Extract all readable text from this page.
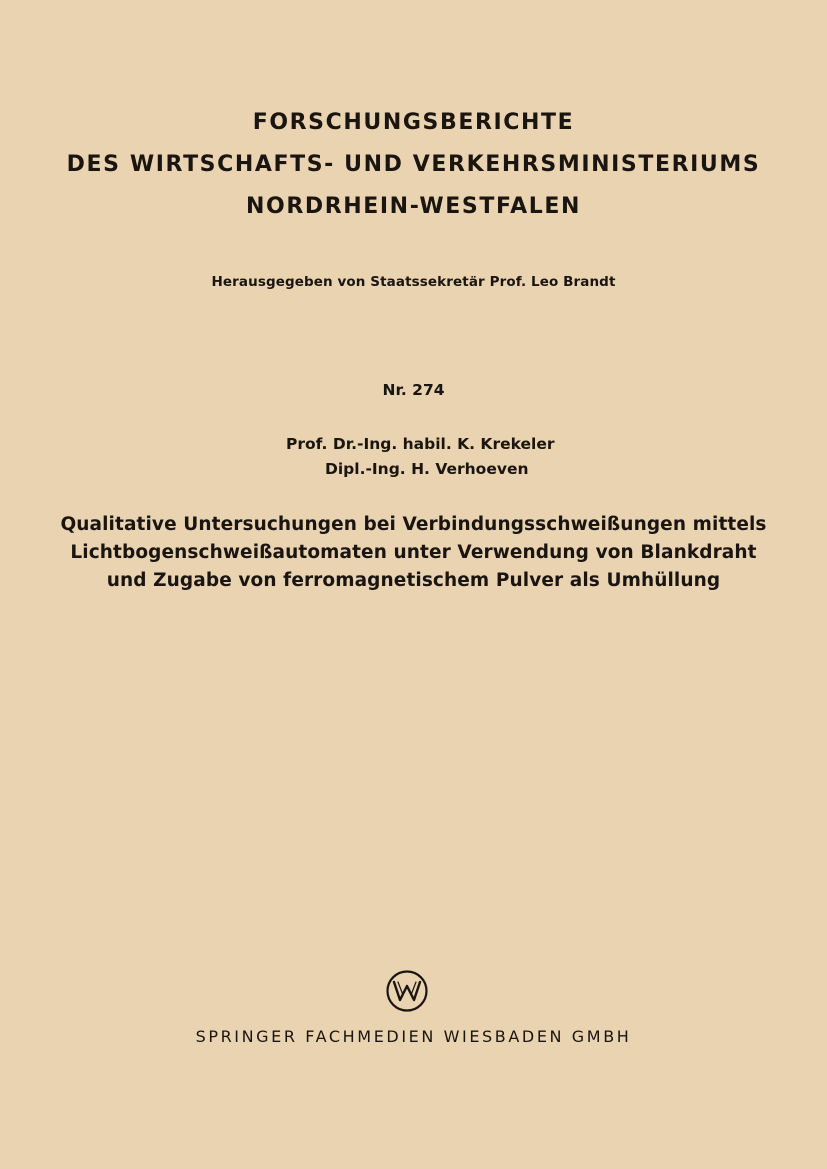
FORSCHUNGSBERICHTE
DES WIRTSCHAFTS- UND VERKEHRSMINISTERIUMS
NORDRHEIN-WESTFALEN
Herausgegeben von Staatssekretär Prof. Leo Brandt
Nr. 274
Prof. Dr.-Ing. habil. K. Krekeler
Dipl.-Ing. H. Verhoeven
Qualitative Untersuchungen bei Verbindungsschweißungen mittels
Lichtbogenschweißautomaten unter Verwendung von Blankdraht
und Zugabe von ferromagnetischem Pulver als Umhüllung
SPRINGER FACHMEDIEN WIESBADEN GMBH
